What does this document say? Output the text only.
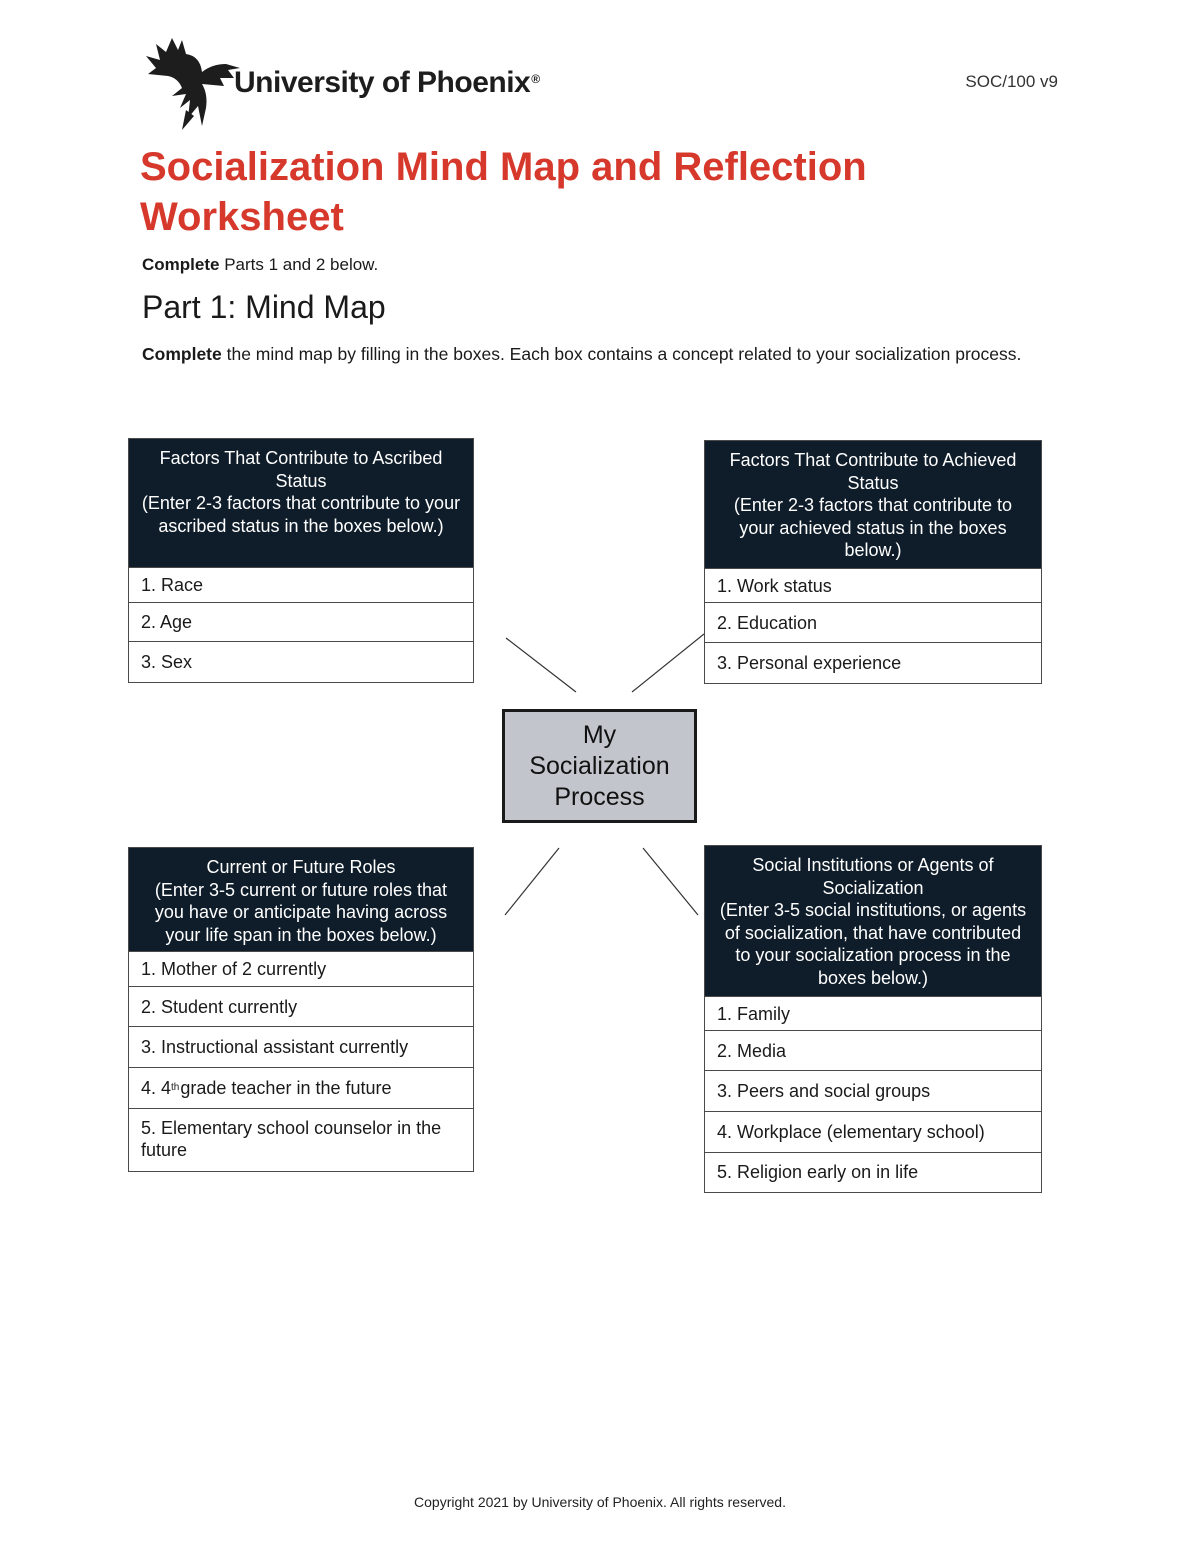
University of Phoenix®	SOC/100 v9
Socialization Mind Map and Reflection Worksheet
Complete Parts 1 and 2 below.
Part 1: Mind Map
Complete the mind map by filling in the boxes. Each box contains a concept related to your socialization process.
Factors That Contribute to Ascribed Status
(Enter 2-3 factors that contribute to your ascribed status in the boxes below.)
1. Race
2. Age
3. Sex
Factors That Contribute to Achieved Status
(Enter 2-3 factors that contribute to your achieved status in the boxes below.)
1. Work status
2. Education
3. Personal experience
My
Socialization
Process
Current or Future Roles
(Enter 3-5 current or future roles that you have or anticipate having across your life span in the boxes below.)
1. Mother of 2 currently
2. Student currently
3. Instructional assistant currently
4. 4 th grade teacher in the future
5. Elementary school counselor in the future
Social Institutions or Agents of Socialization
(Enter 3-5 social institutions, or agents of socialization, that have contributed to your socialization process in the boxes below.)
1. Family
2. Media
3. Peers and social groups
4. Workplace (elementary school)
5. Religion early on in life
Copyright 2021 by University of Phoenix. All rights reserved.
